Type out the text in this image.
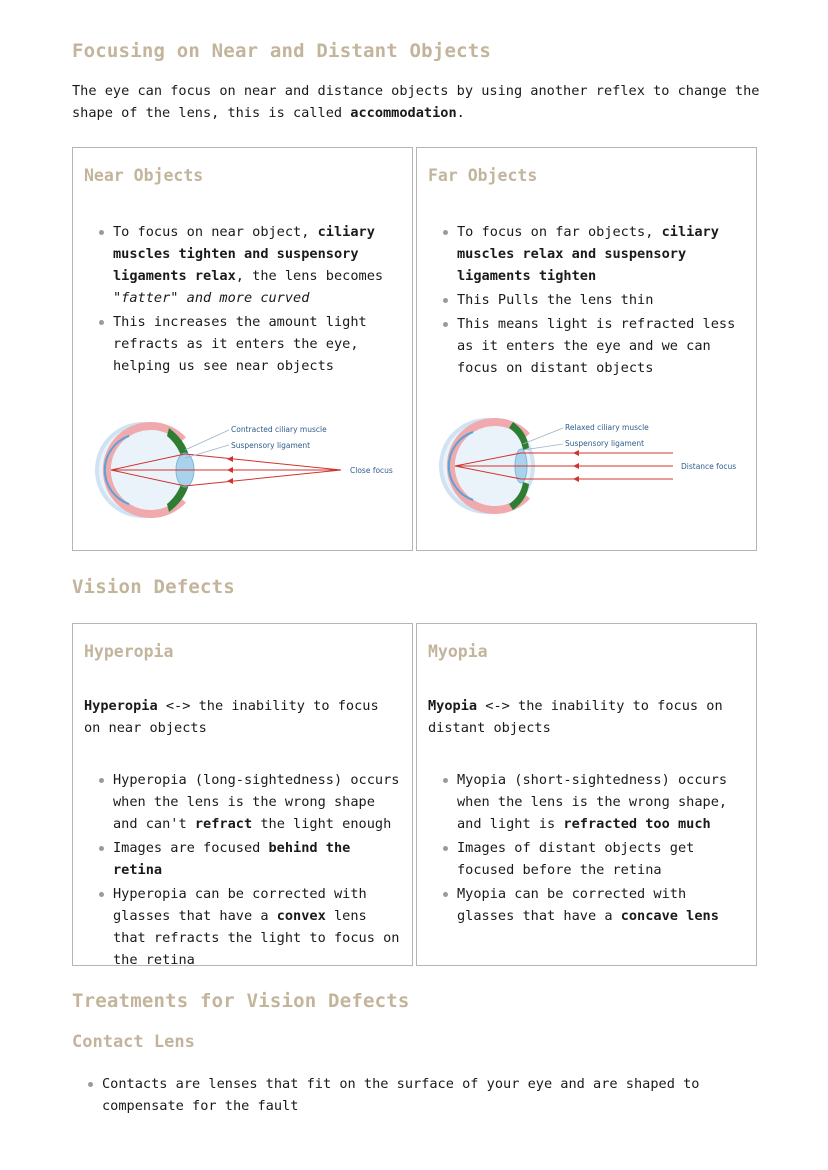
Focusing on Near and Distant Objects

The eye can focus on near and distance objects by using another reflex to change the shape of the lens, this is called accommodation.

Near Objects
To focus on near object, ciliary muscles tighten and suspensory ligaments relax, the lens becomes "fatter" and more curved
This increases the amount light refracts as it enters the eye, helping us see near objects
Contracted ciliary muscle
Suspensory ligament
Close focus
Far Objects
To focus on far objects, ciliary muscles relax and suspensory ligaments tighten
This Pulls the lens thin
This means light is refracted less as it enters the eye and we can focus on distant objects
Relaxed ciliary muscle
Suspensory ligament
Distance focus
Vision Defects
Hyperopia

Hyperopia <-> the inability to focus on near objects

Hyperopia (long-sightedness) occurs when the lens is the wrong shape and can't refract the light enough
Images are focused behind the retina
Hyperopia can be corrected with glasses that have a convex lens that refracts the light to focus on the retina
Myopia

Myopia <-> the inability to focus on distant objects

Myopia (short-sightedness) occurs when the lens is the wrong shape, and light is refracted too much
Images of distant objects get focused before the retina
Myopia can be corrected with glasses that have a concave lens
Treatments for Vision Defects
Contact Lens
Contacts are lenses that fit on the surface of your eye and are shaped to compensate for the fault
